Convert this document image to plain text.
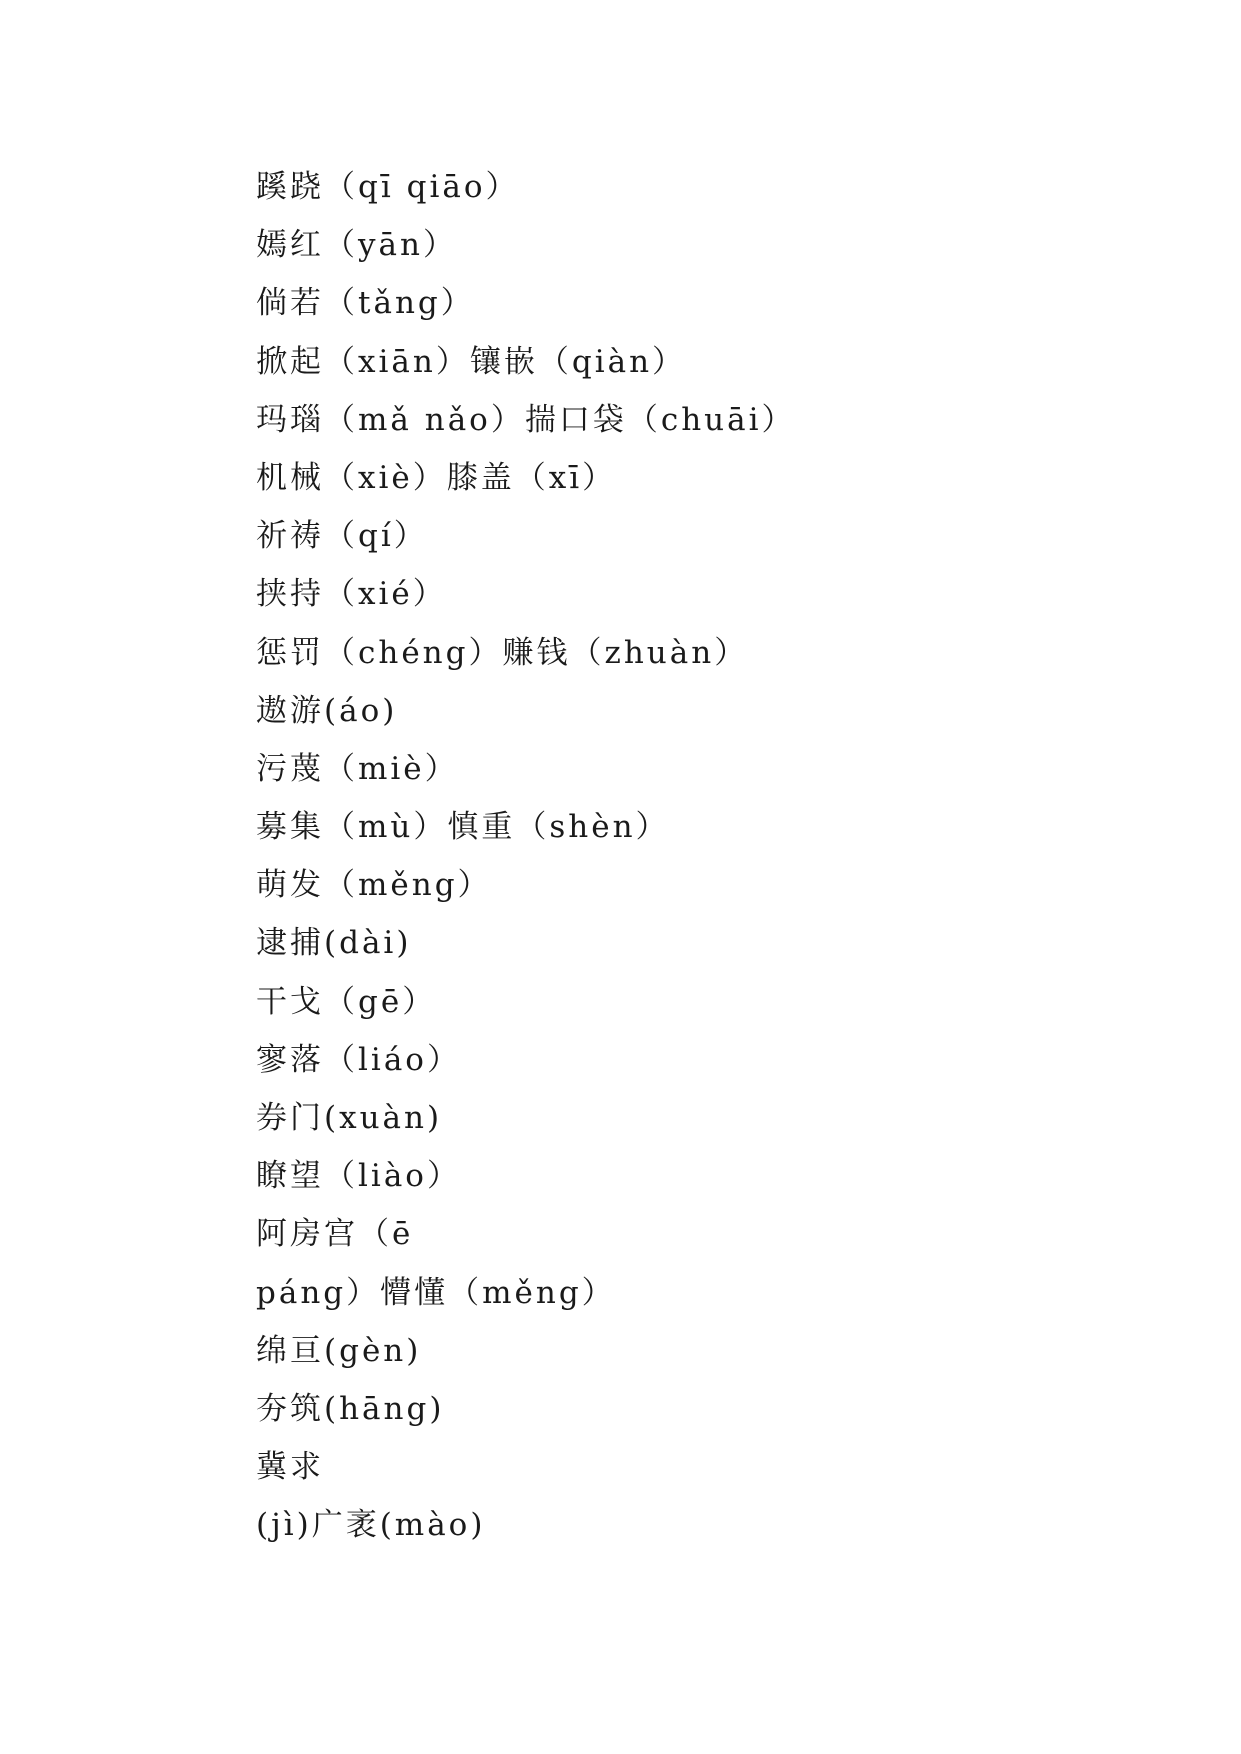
蹊跷（qī qiāo）
嫣红（yān）
倘若（tǎng）
掀起（xiān）镶嵌（qiàn）
玛瑙（mǎ nǎo）揣口袋（chuāi）
机械（xiè）膝盖（xī）
祈祷（qí）
挟持（xié）
惩罚（chéng）赚钱（zhuàn）
遨游(áo)
污蔑（miè）
募集（mù）慎重（shèn）
萌发（měng）
逮捕(dài)
干戈（gē）
寥落（liáo）
券门(xuàn)
瞭望（liào）
阿房宫（ē
páng）懵懂（měng）
绵亘(gèn)
夯筑(hāng)
冀求
(jì)广袤(mào)
